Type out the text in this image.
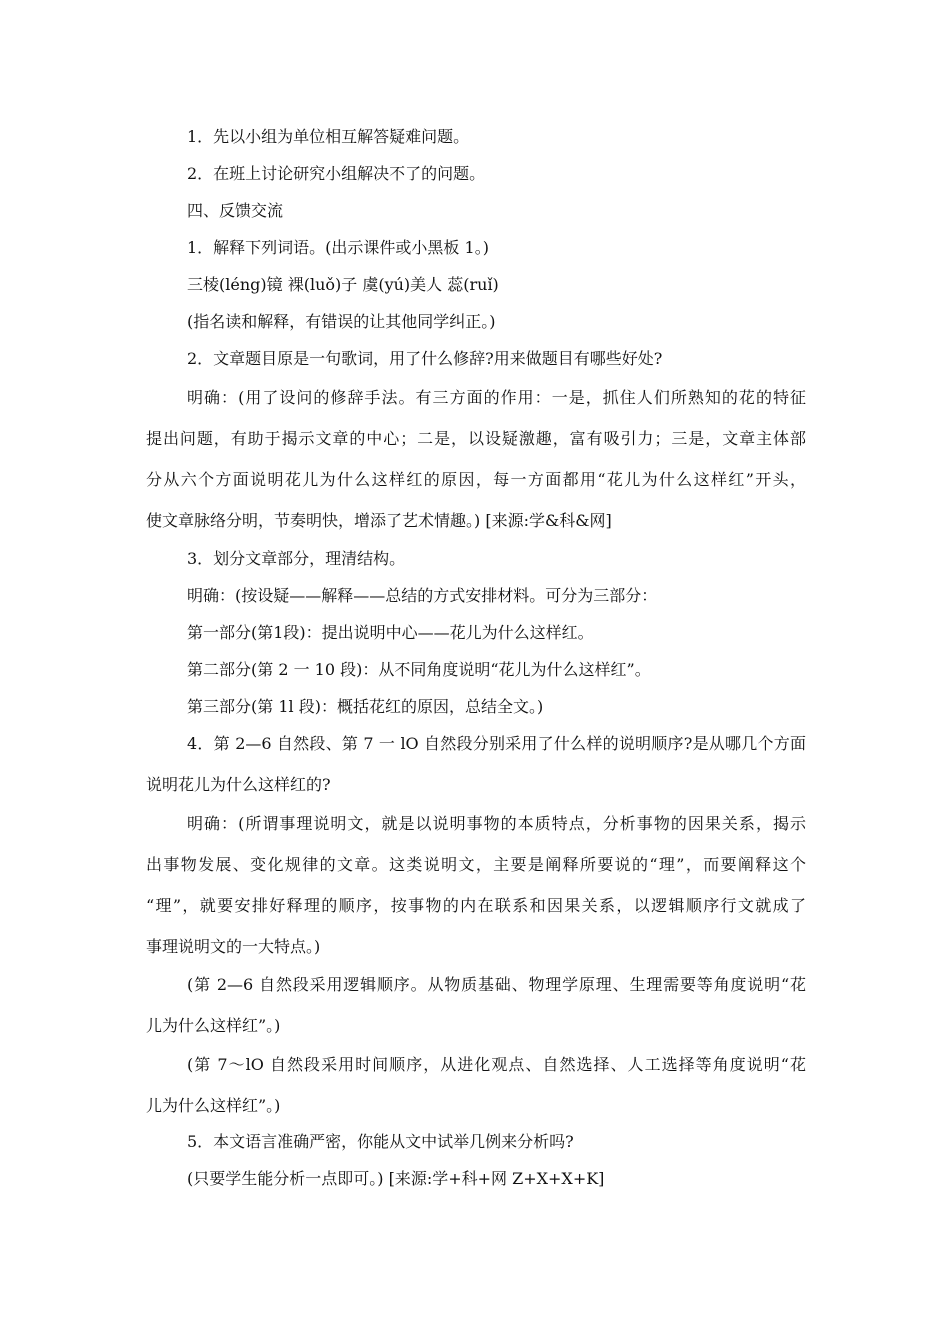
1．先以小组为单位相互解答疑难问题。
2．在班上讨论研究小组解决不了的问题。
四、反馈交流
1．解释下列词语。(出示课件或小黑板 1。)
三棱(léng)镜 裸(luǒ)子 虞(yú)美人 蕊(ruǐ)
(指名读和解释，有错误的让其他同学纠正。)
2．文章题目原是一句歌词，用了什么修辞?用来做题目有哪些好处?
明确：(用了设问的修辞手法。有三方面的作用：一是，抓住人们所熟知的花的特征
提出问题，有助于揭示文章的中心；二是，以设疑激趣，富有吸引力；三是，文章主体部
分从六个方面说明花儿为什么这样红的原因，每一方面都用“花儿为什么这样红”开头，
使文章脉络分明，节奏明快，增添了艺术情趣。) [来源:学&科&网]
3．划分文章部分，理清结构。
明确：(按设疑——解释——总结的方式安排材料。可分为三部分：
第一部分(第1段)：提出说明中心——花儿为什么这样红。
第二部分(第 2 一 10 段)：从不同角度说明“花儿为什么这样红”。
第三部分(第 1l 段)：概括花红的原因，总结全文。)
4．第 2—6 自然段、第 7 一 lO 自然段分别采用了什么样的说明顺序?是从哪几个方面
说明花儿为什么这样红的?
明确：(所谓事理说明文，就是以说明事物的本质特点，分析事物的因果关系，揭示
出事物发展、变化规律的文章。这类说明文，主要是阐释所要说的“理”，而要阐释这个
“理”，就要安排好释理的顺序，按事物的内在联系和因果关系，以逻辑顺序行文就成了
事理说明文的一大特点。)
(第 2—6 自然段采用逻辑顺序。从物质基础、物理学原理、生理需要等角度说明“花
儿为什么这样红”。)
(第 7～lO 自然段采用时间顺序，从进化观点、自然选择、人工选择等角度说明“花
儿为什么这样红”。)
5．本文语言准确严密，你能从文中试举几例来分析吗?
(只要学生能分析一点即可。) [来源:学+科+网 Z+X+X+K]
